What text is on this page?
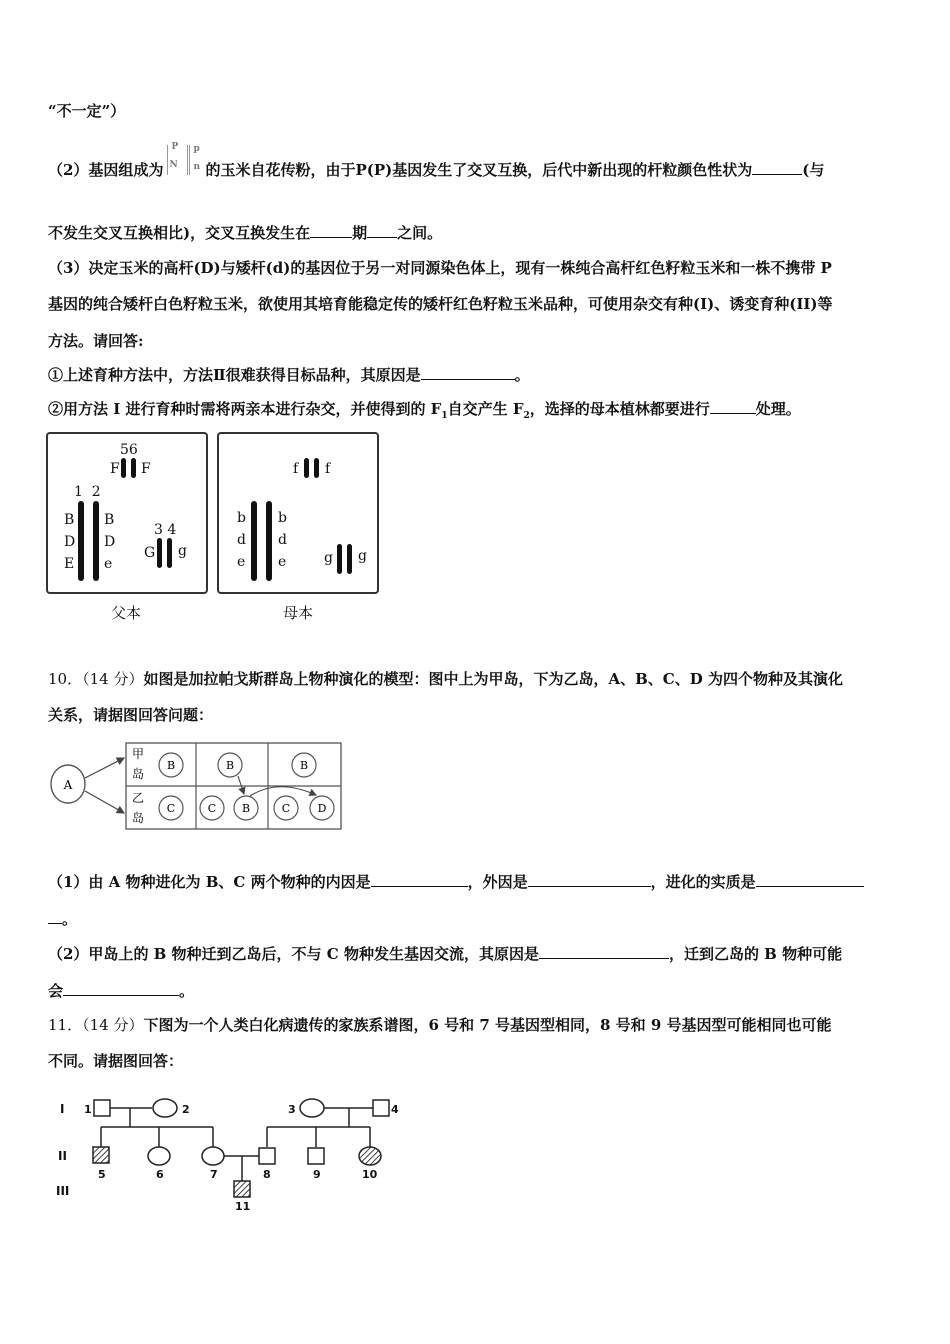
“不一定”）
（2）基因组成为
P
N
p
n 的玉米自花传粉，由于P(P)基因发生了交叉互换，后代中新出现的杆粒颜色性状为	(与
不发生交叉互换相比)，交叉互换发生在	期 之间。
（3）决定玉米的高杆(D)与矮杆(d)的基因位于另一对同源染色体上，现有一株纯合高杆红色籽粒玉米和一株不携带 P
基因的纯合矮杆白色籽粒玉米，欲使用其培育能稳定传的矮杆红色籽粒玉米品种，可使用杂交有种(I)、诱变育种(II)等
方法。请回答:
①上述育种方法中，方法Ⅱ很难获得目标品种，其原因是	。
②用方法 I 进行育种时需将两亲本进行杂交，并使得到的 $F_1$自交产生 $F_2$，选择的母本植林都要进行	处理。
56
F F
1  2
B
D
E
B
D
e
3 4
G g
父本
f f
b
d
e
b
d
e	g g
母本
10．（14 分）如图是加拉帕戈斯群岛上物种演化的模型：图中上为甲岛，下为乙岛，A、B、C、D 为四个物种及其演化
关系，请据图回答问题：
A
甲
岛
乙
岛
B
C
B
C B
B
C D
（1）由 A 物种进化为 B、C 两个物种的内因是	，外因是	，进化的实质是
。
（2）甲岛上的 B 物种迁到乙岛后，不与 C 物种发生基因交流，其原因是	，迁到乙岛的 B 物种可能
会	。
11．（14 分）下图为一个人类白化病遗传的家族系谱图，6 号和 7 号基因型相同，8 号和 9 号基因型可能相同也可能
不同。请据图回答：
I
II
III
1	2	3	4
5	6	7	8	9	10
11
